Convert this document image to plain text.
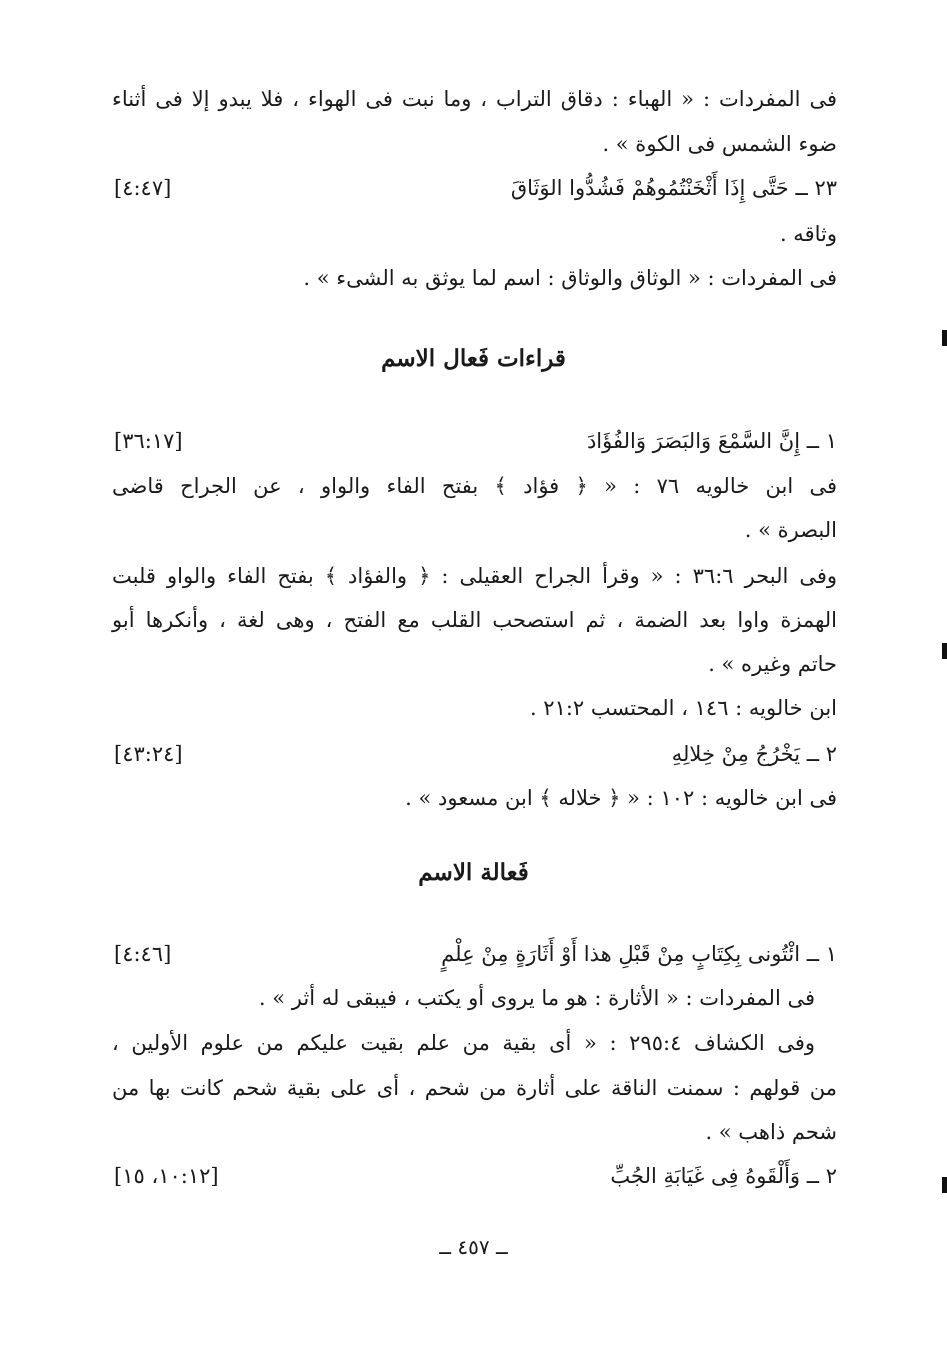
فى المفردات : « الهباء : دقاق التراب ، وما نبت فى الهواء ، فلا يبدو إلا فى أثناء
ضوء الشمس فى الكوة » .
٢٣ ــ حَتَّى إِذَا أَثْخَنْتُمُوهُمْ فَشُدُّوا الوَثَاقَ
[٤:٤٧]
وثاقه .
فى المفردات : « الوثاق والوثاق : اسم لما يوثق به الشىء » .
قراءات فَعال الاسم
١ ــ إِنَّ السَّمْعَ وَالبَصَرَ وَالفُؤَادَ
[٣٦:١٧]
فى ابن خالويه ٧٦ : « ﴿ فؤاد ﴾ بفتح الفاء والواو ، عن الجراح قاضى
البصرة » .
وفى البحر ٣٦:٦ : « وقرأ الجراح العقيلى : ﴿ والفؤاد ﴾ بفتح الفاء والواو قلبت
الهمزة واوا بعد الضمة ، ثم استصحب القلب مع الفتح ، وهى لغة ، وأنكرها أبو
حاتم وغيره » .
ابن خالويه : ١٤٦ ، المحتسب ٢١:٢ .
٢ ــ يَخْرُجُ مِنْ خِلالِهِ
[٤٣:٢٤]
فى ابن خالويه : ١٠٢ : « ﴿ خلاله ﴾ ابن مسعود » .
فَعالة الاسم
١ ــ ائْتُونى بِكِتَابٍ مِنْ قَبْلِ هذا أَوْ أَثَارَةٍ مِنْ عِلْمٍ
[٤:٤٦]
فى المفردات : « الأثارة : هو ما يروى أو يكتب ، فيبقى له أثر » .
وفى الكشاف ٢٩٥:٤ : « أى بقية من علم بقيت عليكم من علوم الأولين ،
من قولهم : سمنت الناقة على أثارة من شحم ، أى على بقية شحم كانت بها من
شحم ذاهب » .
٢ ــ وَأَلْقَوهُ فِى غَيَابَةِ الجُبِّ
[١٠:١٢، ١٥]
ــ ٤٥٧ ــ
